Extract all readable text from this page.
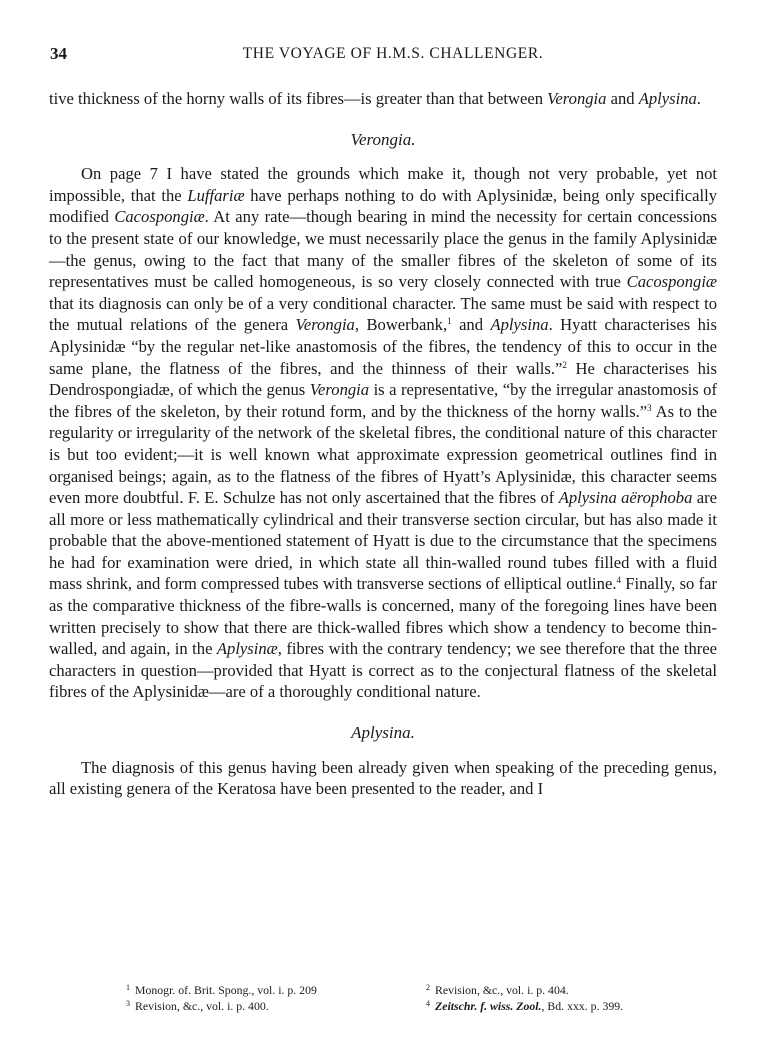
34	THE VOYAGE OF H.M.S. CHALLENGER.

tive thickness of the horny walls of its fibres—is greater than that between Verongia and Aplysina.

Verongia.

On page 7 I have stated the grounds which make it, though not very probable, yet not impossible, that the Luffariæ have perhaps nothing to do with Aplysinidæ, being only specifically modified Cacospongiæ. At any rate—though bearing in mind the necessity for certain concessions to the present state of our knowledge, we must necessarily place the genus in the family Aplysinidæ—the genus, owing to the fact that many of the smaller fibres of the skeleton of some of its representatives must be called homogeneous, is so very closely connected with true Cacospongiæ that its diagnosis can only be of a very conditional character. The same must be said with respect to the mutual relations of the genera Verongia, Bowerbank,$^1$ and Aplysina. Hyatt characterises his Aplysinidæ “by the regular net-like anastomosis of the fibres, the tendency of this to occur in the same plane, the flatness of the fibres, and the thinness of their walls.”$^2$ He characterises his Dendrospongiadæ, of which the genus Verongia is a representative, “by the irregular anastomosis of the fibres of the skeleton, by their rotund form, and by the thickness of the horny walls.”$^3$ As to the regularity or irregularity of the network of the skeletal fibres, the conditional nature of this character is but too evident;—it is well known what approximate expression geometrical outlines find in organised beings; again, as to the flatness of the fibres of Hyatt’s Aplysinidæ, this character seems even more doubtful. F. E. Schulze has not only ascertained that the fibres of Aplysina aërophoba are all more or less mathematically cylindrical and their transverse section circular, but has also made it probable that the above-mentioned statement of Hyatt is due to the circumstance that the specimens he had for examination were dried, in which state all thin-walled round tubes filled with a fluid mass shrink, and form compressed tubes with transverse sections of elliptical outline.$^4$ Finally, so far as the comparative thickness of the fibre-walls is concerned, many of the foregoing lines have been written precisely to show that there are thick-walled fibres which show a tendency to become thin-walled, and again, in the Aplysinæ, fibres with the contrary tendency; we see therefore that the three characters in question—provided that Hyatt is correct as to the conjectural flatness of the skeletal fibres of the Aplysinidæ—are of a thoroughly conditional nature.

Aplysina.

The diagnosis of this genus having been already given when speaking of the preceding genus, all existing genera of the Keratosa have been presented to the reader, and I

$^1$ Monogr. of. Brit. Spong., vol. i. p. 209	$^2$ Revision, &c., vol. i. p. 404.
$^3$ Revision, &c., vol. i. p. 400.	$^4$ Zeitschr. f. wiss. Zool., Bd. xxx. p. 399.
